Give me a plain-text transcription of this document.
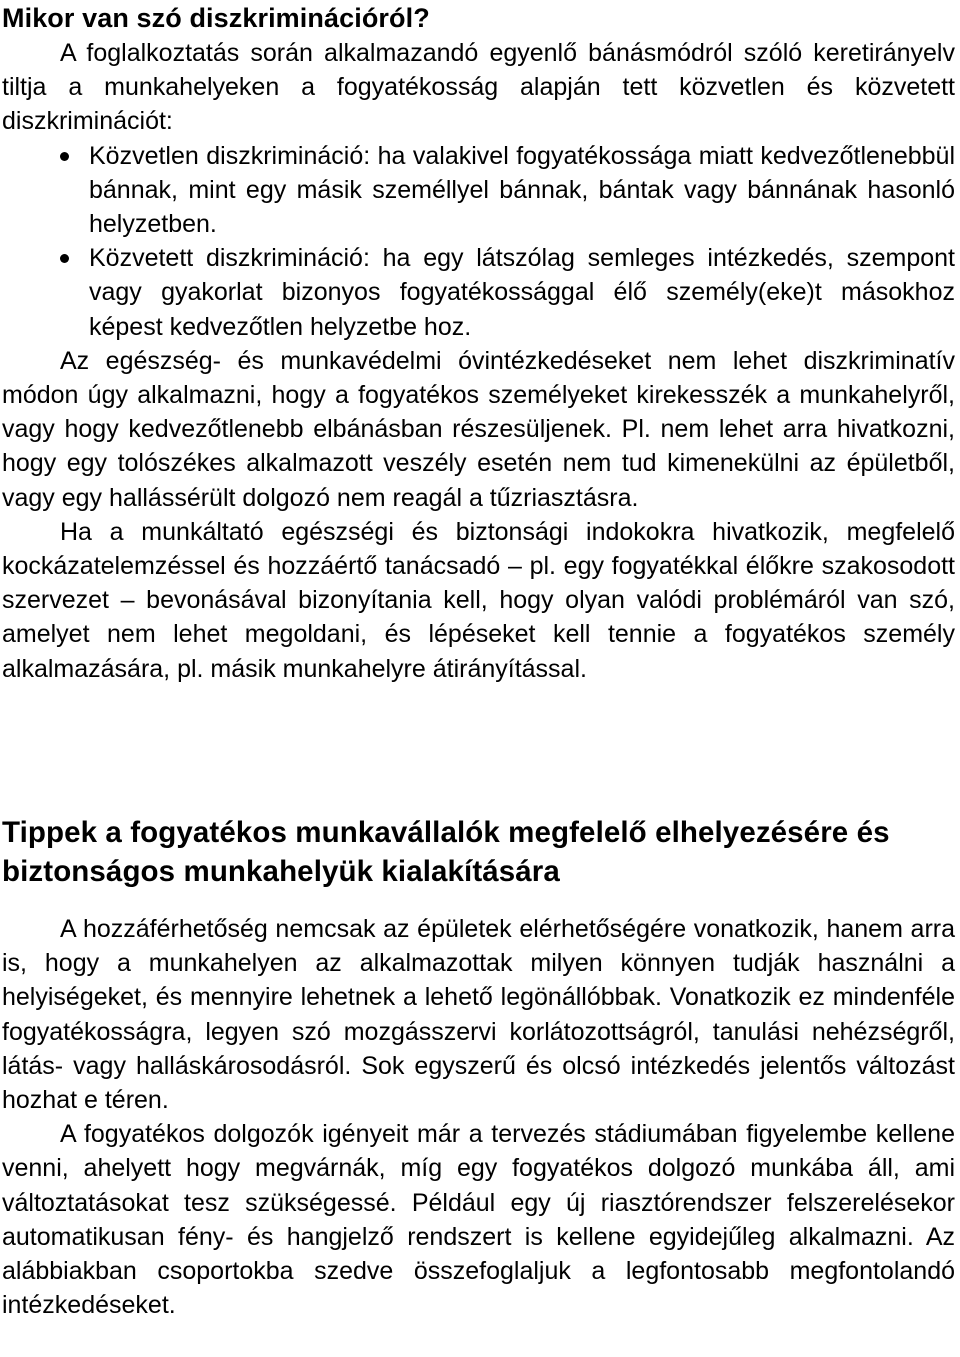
Mikor van szó diszkriminációról?

A foglalkoztatás során alkalmazandó egyenlő bánásmódról szóló keretirányelv tiltja a munkahelyeken a fogyatékosság alapján tett közvetlen és közvetett diszkriminációt:

Közvetlen diszkrimináció: ha valakivel fogyatékossága miatt kedvezőtlenebbül bánnak, mint egy másik személlyel bánnak, bántak vagy bánnának hasonló helyzetben.
Közvetett diszkrimináció: ha egy látszólag semleges intézkedés, szempont vagy gyakorlat bizonyos fogyatékossággal élő személy(eke)t másokhoz képest kedvezőtlen helyzetbe hoz.

Az egészség- és munkavédelmi óvintézkedéseket nem lehet diszkriminatív módon úgy alkalmazni, hogy a fogyatékos személyeket kirekesszék a munkahelyről, vagy hogy kedvezőtlenebb elbánásban részesüljenek. Pl. nem lehet arra hivatkozni, hogy egy tolószékes alkalmazott veszély esetén nem tud kimenekülni az épületből, vagy egy hallássérült dolgozó nem reagál a tűzriasztásra.

Ha a munkáltató egészségi és biztonsági indokokra hivatkozik, megfelelő kockázatelemzéssel és hozzáértő tanácsadó – pl. egy fogyatékkal élőkre szakosodott szervezet – bevonásával bizonyítania kell, hogy olyan valódi problémáról van szó, amelyet nem lehet megoldani, és lépéseket kell tennie a fogyatékos személy alkalmazására, pl. másik munkahelyre átirányítással.

Tippek a fogyatékos munkavállalók megfelelő elhelyezésére és biztonságos munkahelyük kialakítására

A hozzáférhetőség nemcsak az épületek elérhetőségére vonatkozik, hanem arra is, hogy a munkahelyen az alkalmazottak milyen könnyen tudják használni a helyiségeket, és mennyire lehetnek a lehető legönállóbbak. Vonatkozik ez mindenféle fogyatékosságra, legyen szó mozgásszervi korlátozottságról, tanulási nehézségről, látás- vagy halláskárosodásról. Sok egyszerű és olcsó intézkedés jelentős változást hozhat e téren.

A fogyatékos dolgozók igényeit már a tervezés stádiumában figyelembe kellene venni, ahelyett hogy megvárnák, míg egy fogyatékos dolgozó munkába áll, ami változtatásokat tesz szükségessé. Például egy új riasztórendszer felszerelésekor automatikusan fény- és hangjelző rendszert is kellene egyidejűleg alkalmazni. Az alábbiakban csoportokba szedve összefoglaljuk a legfontosabb megfontolandó intézkedéseket.
